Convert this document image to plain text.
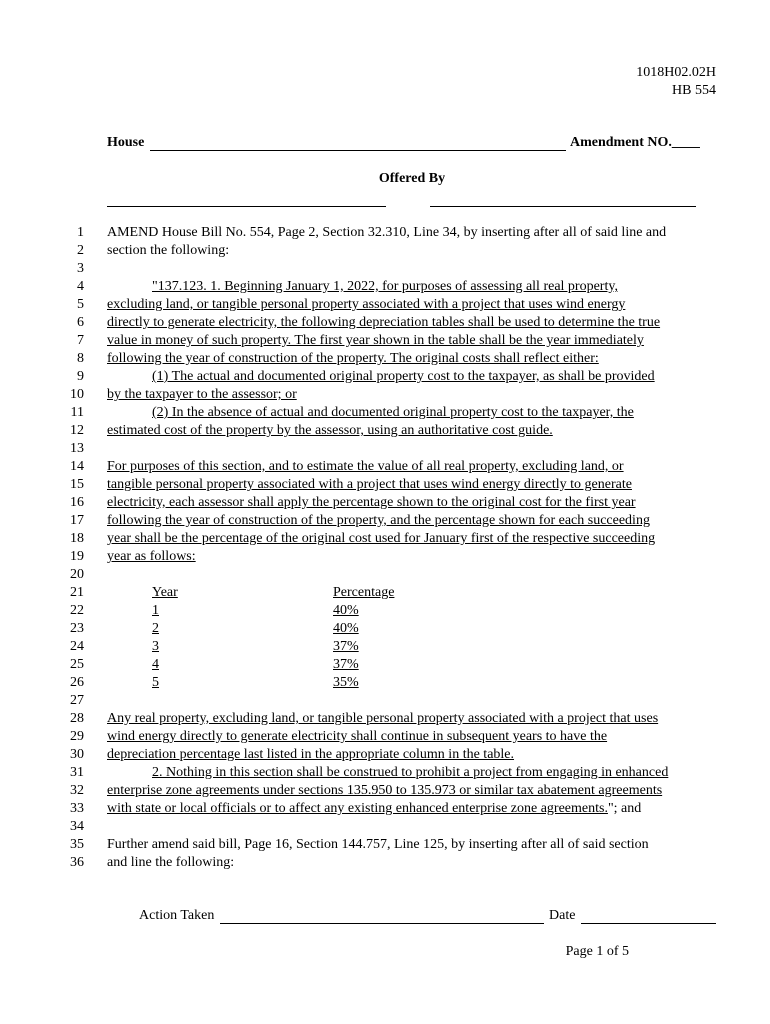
1018H02.02H
HB 554
House	Amendment NO.____
Offered By
1 AMEND House Bill No. 554, Page 2, Section 32.310, Line 34, by inserting after all of said line and
2 section the following:
3
4	"137.123. 1. Beginning January 1, 2022, for purposes of assessing all real property,
5 excluding land, or tangible personal property associated with a project that uses wind energy
6 directly to generate electricity, the following depreciation tables shall be used to determine the true
7 value in money of such property. The first year shown in the table shall be the year immediately
8 following the year of construction of the property. The original costs shall reflect either:
9	(1) The actual and documented original property cost to the taxpayer, as shall be provided
10 by the taxpayer to the assessor; or
11	(2) In the absence of actual and documented original property cost to the taxpayer, the
12 estimated cost of the property by the assessor, using an authoritative cost guide.
13
14 For purposes of this section, and to estimate the value of all real property, excluding land, or
15 tangible personal property associated with a project that uses wind energy directly to generate
16 electricity, each assessor shall apply the percentage shown to the original cost for the first year
17 following the year of construction of the property, and the percentage shown for each succeeding
18 year shall be the percentage of the original cost used for January first of the respective succeeding
19 year as follows:
20
21	Year	Percentage
22	1	40%
23	2	40%
24	3	37%
25	4	37%
26	5	35%
27
28 Any real property, excluding land, or tangible personal property associated with a project that uses
29 wind energy directly to generate electricity shall continue in subsequent years to have the
30 depreciation percentage last listed in the appropriate column in the table.
31	2. Nothing in this section shall be construed to prohibit a project from engaging in enhanced
32 enterprise zone agreements under sections 135.950 to 135.973 or similar tax abatement agreements
33 with state or local officials or to affect any existing enhanced enterprise zone agreements."; and
34
35 Further amend said bill, Page 16, Section 144.757, Line 125, by inserting after all of said section
36 and line the following:
Action Taken	Date
Page 1 of 5
